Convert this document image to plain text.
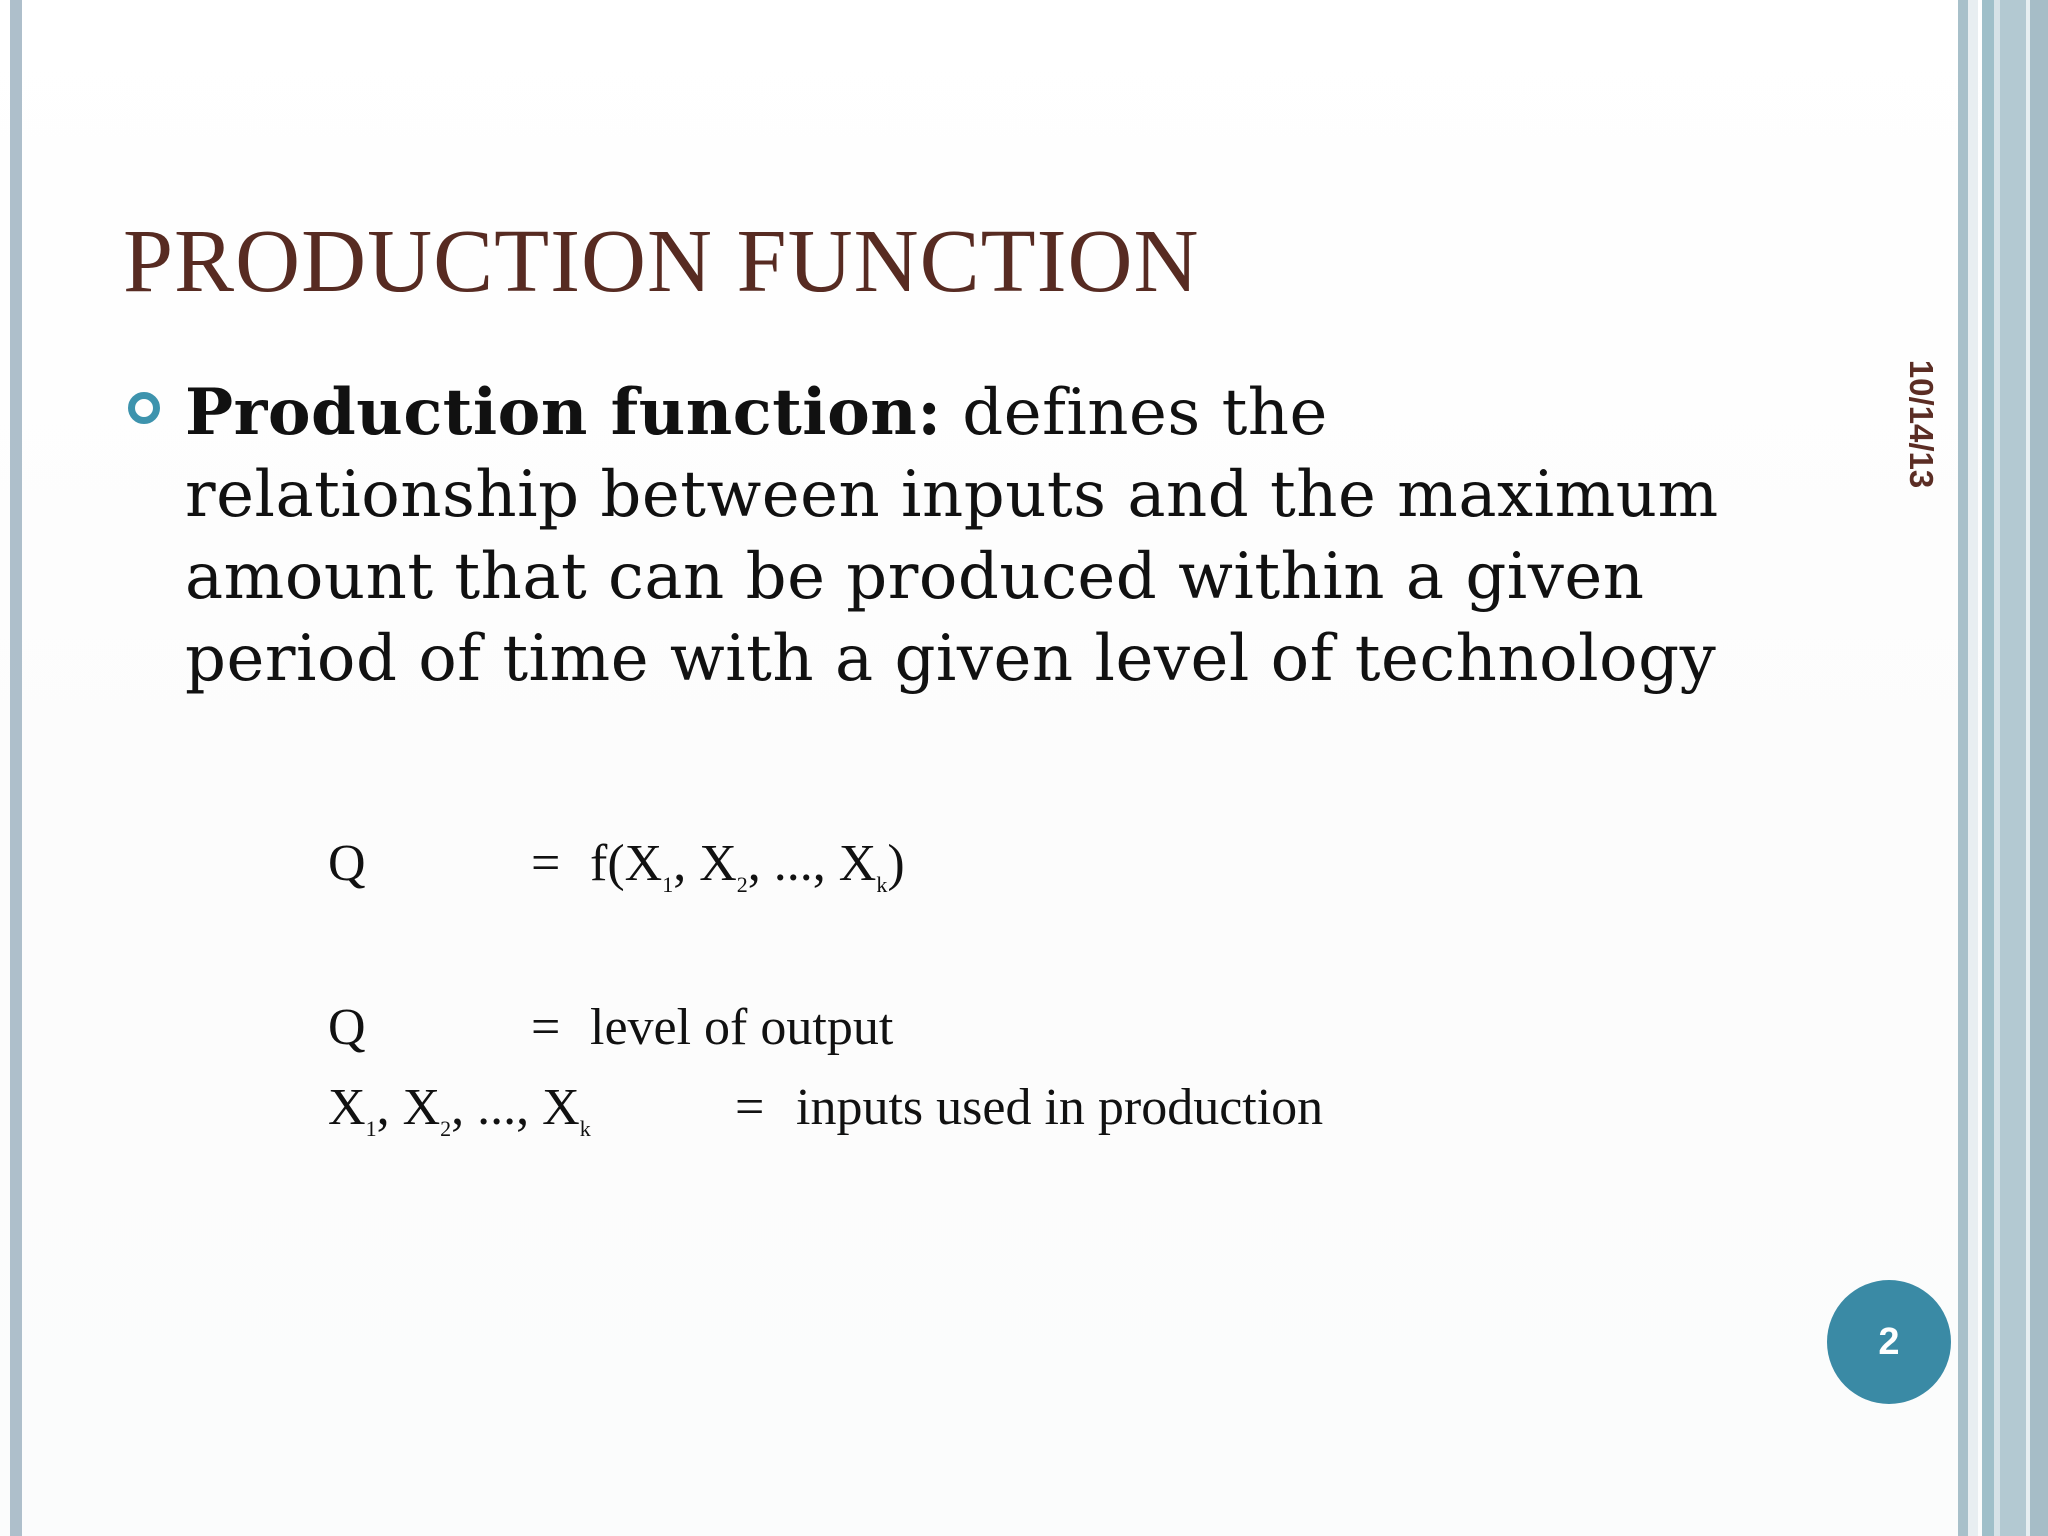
PRODUCTION FUNCTION

Production function: defines the relationship between inputs and the maximum amount that can be produced within a given period of time with a given level of technology

Q	= $f(X_1$, $X_2$, ..., $X_k$)
Q	= level of output
$X_1$, $X_2$, ..., $X_k$	= inputs used in production
10/14/13
2
